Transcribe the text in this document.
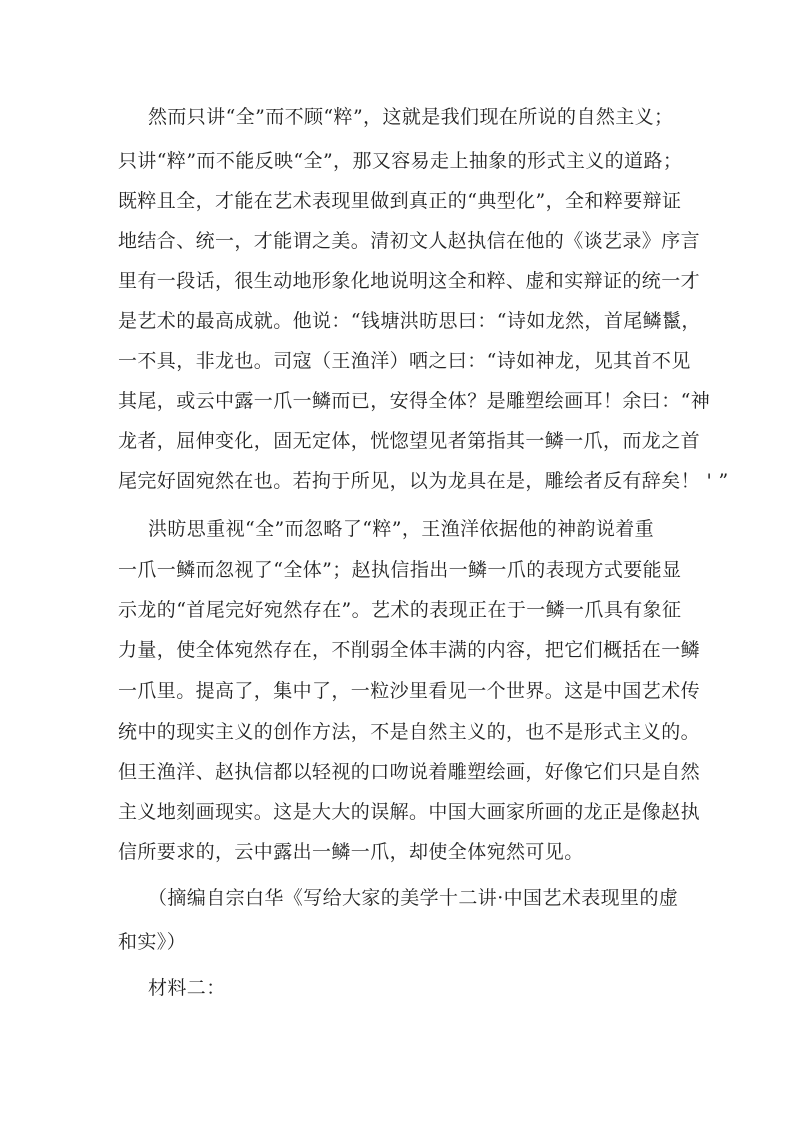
然而只讲“全”而不顾“粹”，这就是我们现在所说的自然主义；
只讲“粹”而不能反映“全”，那又容易走上抽象的形式主义的道路；
既粹且全，才能在艺术表现里做到真正的“典型化”，全和粹要辩证
地结合、统一，才能谓之美。清初文人赵执信在他的《谈艺录》序言
里有一段话，很生动地形象化地说明这全和粹、虚和实辩证的统一才
是艺术的最高成就。他说：“钱塘洪昉思曰：“诗如龙然，首尾鳞鬣，
一不具，非龙也。司寇（王渔洋）哂之曰：“诗如神龙，见其首不见
其尾，或云中露一爪一鳞而已，安得全体？是雕塑绘画耳！余曰：“神
龙者，屈伸变化，固无定体，恍惚望见者第指其一鳞一爪，而龙之首
尾完好固宛然在也。若拘于所见，以为龙具在是，雕绘者反有辞矣！ ' ”
洪昉思重视“全”而忽略了“粹”，王渔洋依据他的神韵说着重
一爪一鳞而忽视了“全体”；赵执信指出一鳞一爪的表现方式要能显
示龙的“首尾完好宛然存在”。艺术的表现正在于一鳞一爪具有象征
力量，使全体宛然存在，不削弱全体丰满的内容，把它们概括在一鳞
一爪里。提高了，集中了，一粒沙里看见一个世界。这是中国艺术传
统中的现实主义的创作方法，不是自然主义的，也不是形式主义的。
但王渔洋、赵执信都以轻视的口吻说着雕塑绘画，好像它们只是自然
主义地刻画现实。这是大大的误解。中国大画家所画的龙正是像赵执
信所要求的，云中露出一鳞一爪，却使全体宛然可见。
（摘编自宗白华《写给大家的美学十二讲·中国艺术表现里的虚
和实》）
材料二：
